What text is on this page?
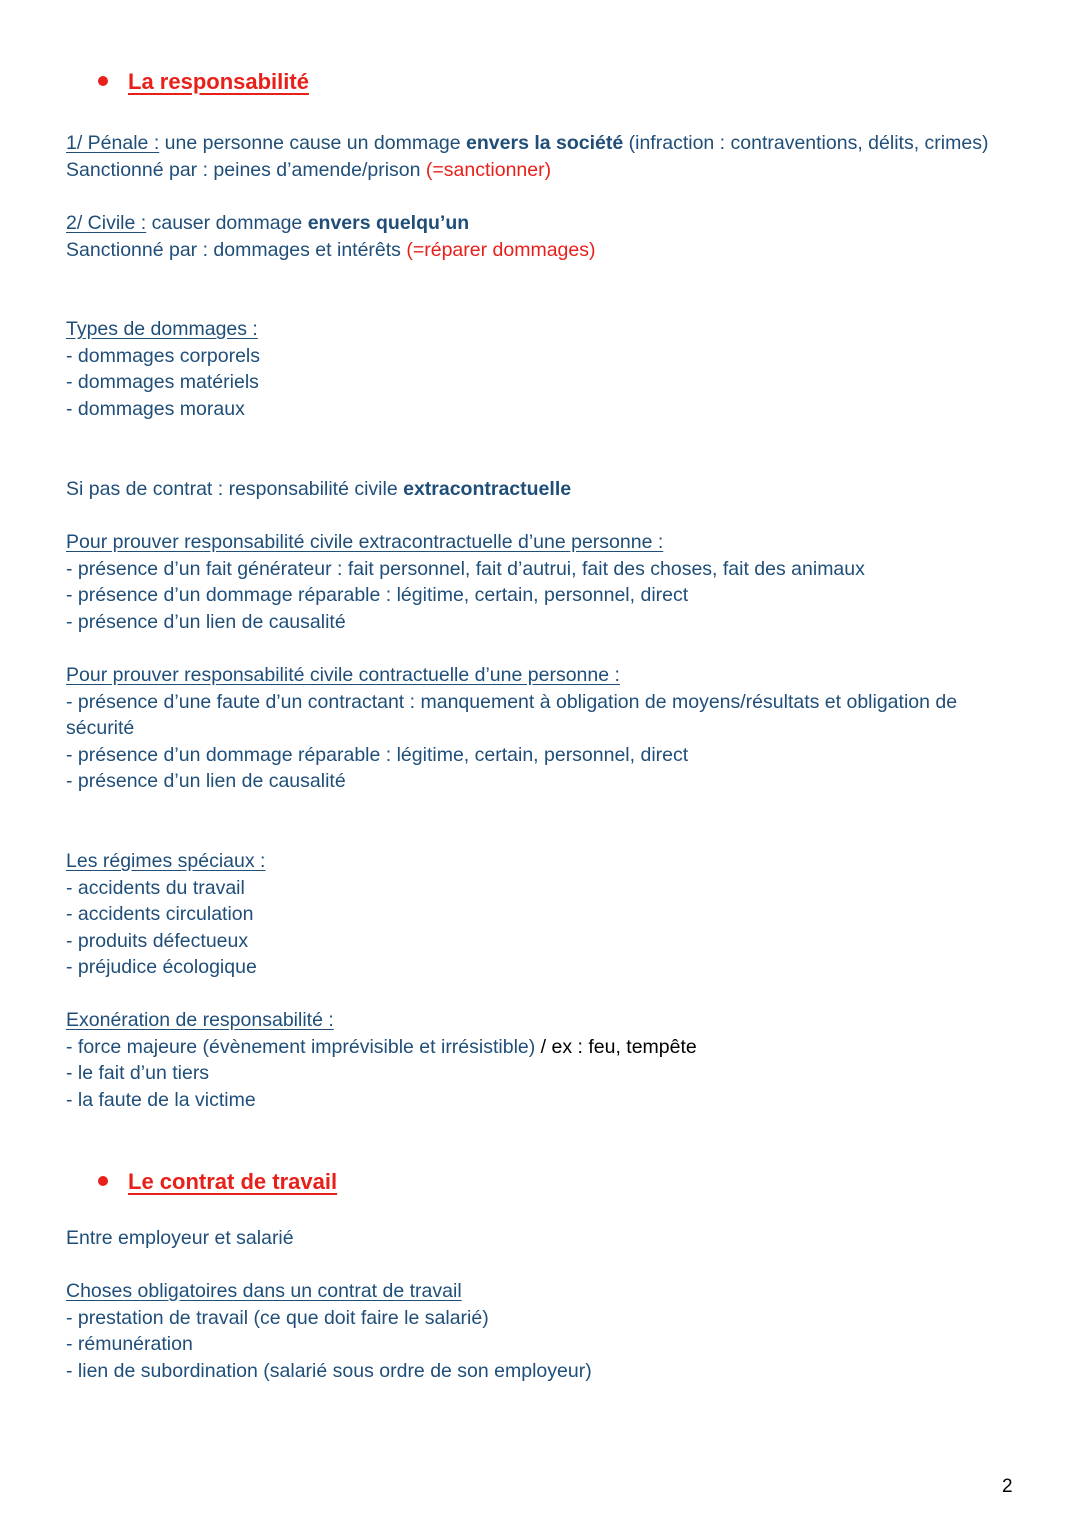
La responsabilité
1/ Pénale : une personne cause un dommage envers la société (infraction : contraventions, délits, crimes)
Sanctionné par : peines d’amende/prison (=sanctionner)
2/ Civile : causer dommage envers quelqu’un
Sanctionné par : dommages et intérêts (=réparer dommages)
Types de dommages :
- dommages corporels
- dommages matériels
- dommages moraux
Si pas de contrat : responsabilité civile extracontractuelle
Pour prouver responsabilité civile extracontractuelle d’une personne :
- présence d’un fait générateur : fait personnel, fait d’autrui, fait des choses, fait des animaux
- présence d’un dommage réparable : légitime, certain, personnel, direct
- présence d’un lien de causalité
Pour prouver responsabilité civile contractuelle d’une personne :
- présence d’une faute d’un contractant : manquement à obligation de moyens/résultats et obligation de sécurité
- présence d’un dommage réparable : légitime, certain, personnel, direct
- présence d’un lien de causalité
Les régimes spéciaux :
- accidents du travail
- accidents circulation
- produits défectueux
- préjudice écologique
Exonération de responsabilité :
- force majeure (évènement imprévisible et irrésistible) / ex : feu, tempête
- le fait d’un tiers
- la faute de la victime
Le contrat de travail
Entre employeur et salarié
Choses obligatoires dans un contrat de travail
- prestation de travail (ce que doit faire le salarié)
- rémunération
- lien de subordination (salarié sous ordre de son employeur)
2
